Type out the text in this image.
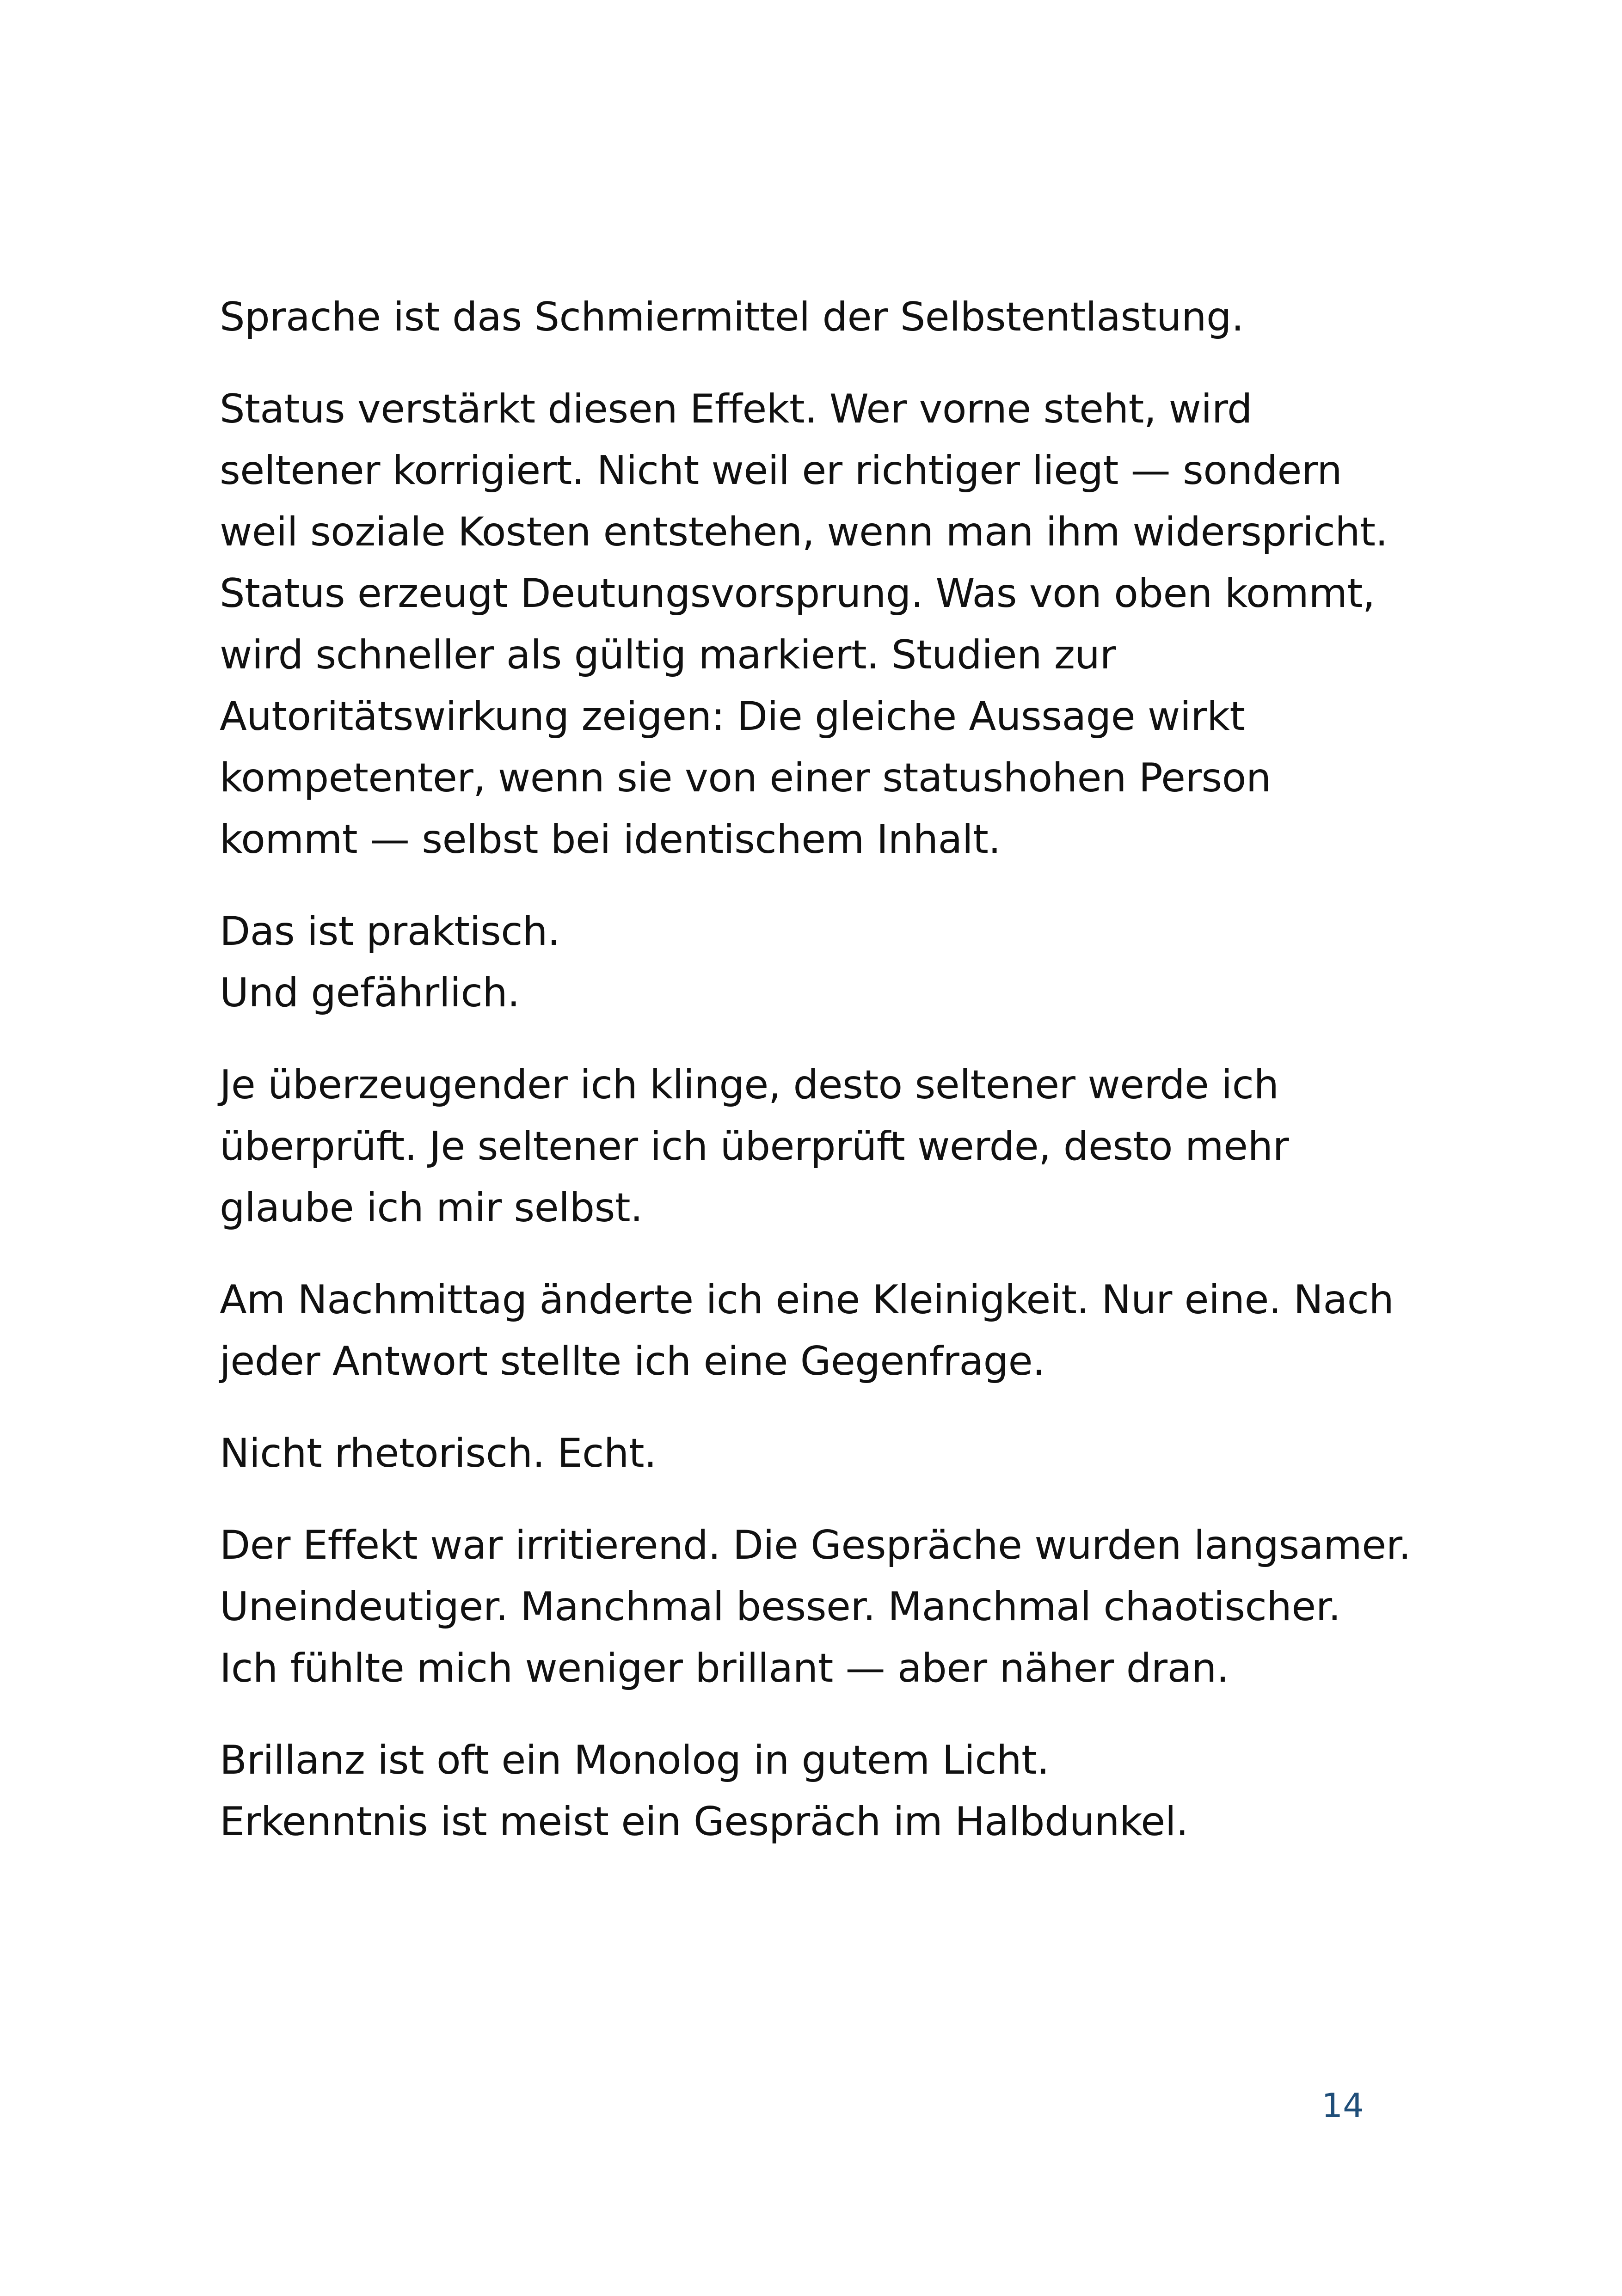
Sprache ist das Schmiermittel der Selbstentlastung.

Status verstärkt diesen Effekt. Wer vorne steht, wird
seltener korrigiert. Nicht weil er richtiger liegt — sondern
weil soziale Kosten entstehen, wenn man ihm widerspricht.
Status erzeugt Deutungsvorsprung. Was von oben kommt,
wird schneller als gültig markiert. Studien zur
Autoritätswirkung zeigen: Die gleiche Aussage wirkt
kompetenter, wenn sie von einer statushohen Person
kommt — selbst bei identischem Inhalt.

Das ist praktisch.
Und gefährlich.

Je überzeugender ich klinge, desto seltener werde ich
überprüft. Je seltener ich überprüft werde, desto mehr
glaube ich mir selbst.

Am Nachmittag änderte ich eine Kleinigkeit. Nur eine. Nach
jeder Antwort stellte ich eine Gegenfrage.

Nicht rhetorisch. Echt.

Der Effekt war irritierend. Die Gespräche wurden langsamer.
Uneindeutiger. Manchmal besser. Manchmal chaotischer.
Ich fühlte mich weniger brillant — aber näher dran.

Brillanz ist oft ein Monolog in gutem Licht.
Erkenntnis ist meist ein Gespräch im Halbdunkel.

14
